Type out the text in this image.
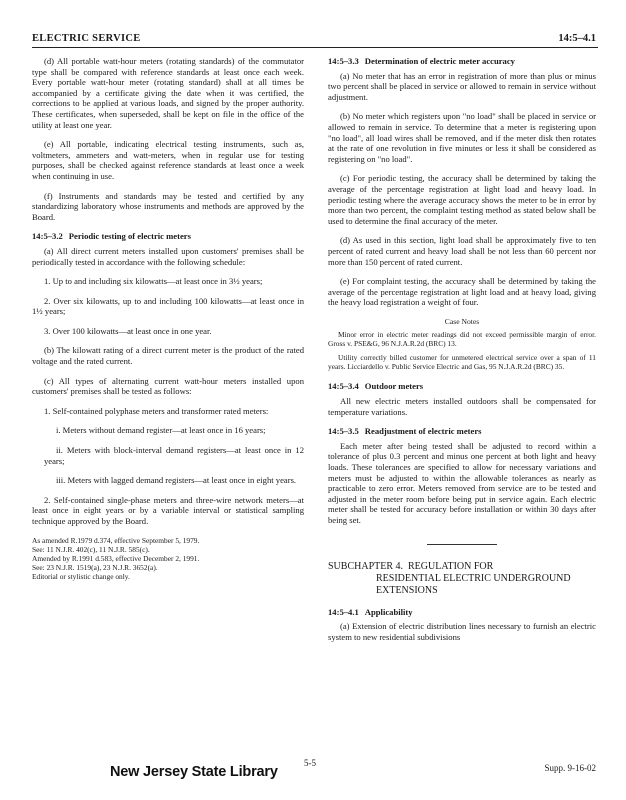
ELECTRIC SERVICE	14:5–4.1

(d) All portable watt-hour meters (rotating standards) of the commutator type shall be compared with reference standards at least once each week. Every portable watt-hour meter (rotating standard) shall at all times be accompanied by a certificate giving the date when it was certified, the corrections to be applied at various loads, and signed by the proper authority. These certificates, when superseded, shall be kept on file in the office of the utility at least one year.

(e) All portable, indicating electrical testing instruments, such as, voltmeters, ammeters and watt-meters, when in regular use for testing purposes, shall be checked against reference standards at least once a week when continuing in use.

(f) Instruments and standards may be tested and certified by any standardizing laboratory whose instruments and methods are approved by the Board.

14:5–3.2 Periodic testing of electric meters

(a) All direct current meters installed upon customers' premises shall be periodically tested in accordance with the following schedule:

1. Up to and including six kilowatts—at least once in 3½ years;

2. Over six kilowatts, up to and including 100 kilowatts—at least once in 1½ years;

3. Over 100 kilowatts—at least once in one year.

(b) The kilowatt rating of a direct current meter is the product of the rated voltage and the rated current.

(c) All types of alternating current watt-hour meters installed upon customers' premises shall be tested as follows:

1. Self-contained polyphase meters and transformer rated meters:

i. Meters without demand register—at least once in 16 years;

ii. Meters with block-interval demand registers—at least once in 12 years;

iii. Meters with lagged demand registers—at least once in eight years.

2. Self-contained single-phase meters and three-wire network meters—at least once in eight years or by a variable interval or statistical sampling technique approved by the Board.

As amended R.1979 d.374, effective September 5, 1979.

See: 11 N.J.R. 402(c), 11 N.J.R. 585(c).

Amended by R.1991 d.583, effective December 2, 1991.

See: 23 N.J.R. 1519(a), 23 N.J.R. 3652(a).

Editorial or stylistic change only.

14:5–3.3 Determination of electric meter accuracy

(a) No meter that has an error in registration of more than plus or minus two percent shall be placed in service or allowed to remain in service without adjustment.

(b) No meter which registers upon "no load" shall be placed in service or allowed to remain in service. To determine that a meter is registering upon "no load", all load wires shall be removed, and if the meter disk then rotates at the rate of one revolution in five minutes or less it shall be considered as registering on "no load".

(c) For periodic testing, the accuracy shall be determined by taking the average of the percentage registration at light load and heavy load. In periodic testing where the average accuracy shows the meter to be in error by more than two percent, the complaint testing method as stated below shall be used to determine the final accuracy of the meter.

(d) As used in this section, light load shall be approximately five to ten percent of rated current and heavy load shall be not less than 60 percent nor more than 150 percent of rated current.

(e) For complaint testing, the accuracy shall be determined by taking the average of the percentage registration at light load and at heavy load, giving the heavy load registration a weight of four.

Case Notes

Minor error in electric meter readings did not exceed permissible margin of error. Gross v. PSE&G, 96 N.J.A.R.2d (BRC) 13.

Utility correctly billed customer for unmetered electrical service over a span of 11 years. Licciardello v. Public Service Electric and Gas, 95 N.J.A.R.2d (BRC) 35.

14:5–3.4 Outdoor meters

All new electric meters installed outdoors shall be compensated for temperature variations.

14:5–3.5 Readjustment of electric meters

Each meter after being tested shall be adjusted to record within a tolerance of plus 0.3 percent and minus one percent at both light and heavy loads. These tolerances are specified to allow for necessary variations and meters must be adjusted to within the allowable tolerances as nearly as practicable to zero error. Meters removed from service are to be tested and adjusted in the meter room before being put in service again. Each electric meter shall be tested for accuracy before installation or within 30 days after being set.

SUBCHAPTER 4. REGULATION FOR
RESIDENTIAL ELECTRIC UNDERGROUND
EXTENSIONS
14:5–4.1 Applicability

(a) Extension of electric distribution lines necessary to furnish an electric system to new residential subdivisions

New Jersey State Library
5-5	Supp. 9-16-02
